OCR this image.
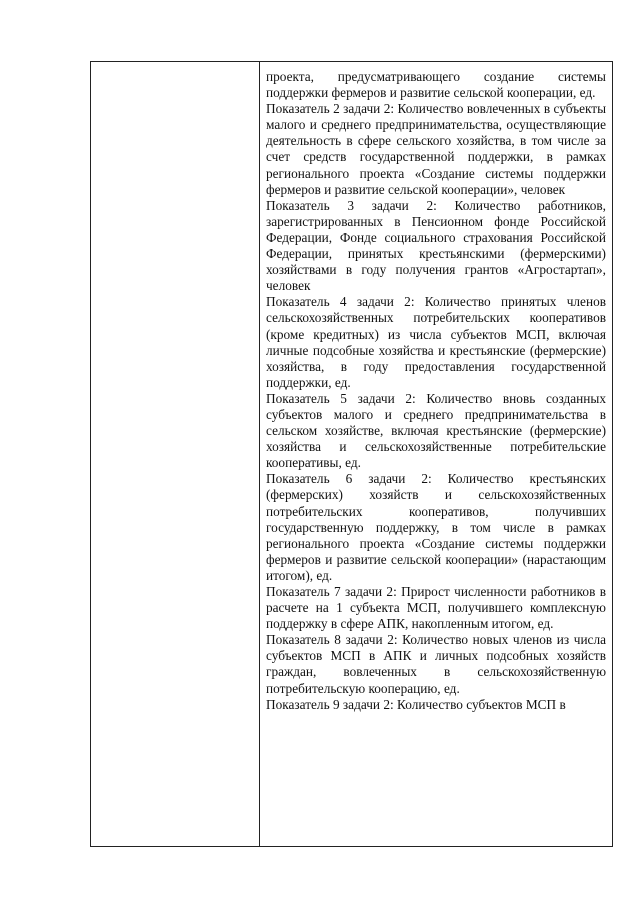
проекта, предусматривающего создание системы поддержки фермеров и развитие сельской кооперации, ед.

Показатель 2 задачи 2: Количество вовлеченных в субъекты малого и среднего предпринимательства, осуществляющие деятельность в сфере сельского хозяйства, в том числе за счет средств государственной поддержки, в рамках регионального проекта «Создание системы поддержки фермеров и развитие сельской кооперации», человек

Показатель 3 задачи 2: Количество работников, зарегистрированных в Пенсионном фонде Российской Федерации, Фонде социального страхования Российской Федерации, принятых крестьянскими (фермерскими) хозяйствами в году получения грантов «Агростартап», человек

Показатель 4 задачи 2: Количество принятых членов сельскохозяйственных потребительских кооперативов (кроме кредитных) из числа субъектов МСП, включая личные подсобные хозяйства и крестьянские (фермерские) хозяйства, в году предоставления государственной поддержки, ед.

Показатель 5 задачи 2: Количество вновь созданных субъектов малого и среднего предпринимательства в сельском хозяйстве, включая крестьянские (фермерские) хозяйства и сельскохозяйственные потребительские кооперативы, ед.

Показатель 6 задачи 2: Количество крестьянских (фермерских) хозяйств и сельскохозяйственных потребительских кооперативов, получивших государственную поддержку, в том числе в рамках регионального проекта «Создание системы поддержки фермеров и развитие сельской кооперации» (нарастающим итогом), ед.

Показатель 7 задачи 2: Прирост численности работников в расчете на 1 субъекта МСП, получившего комплексную поддержку в сфере АПК, накопленным итогом, ед.

Показатель 8 задачи 2: Количество новых членов из числа субъектов МСП в АПК и личных подсобных хозяйств граждан, вовлеченных в сельскохозяйственную потребительскую кооперацию, ед.

Показатель 9 задачи 2: Количество субъектов МСП в
